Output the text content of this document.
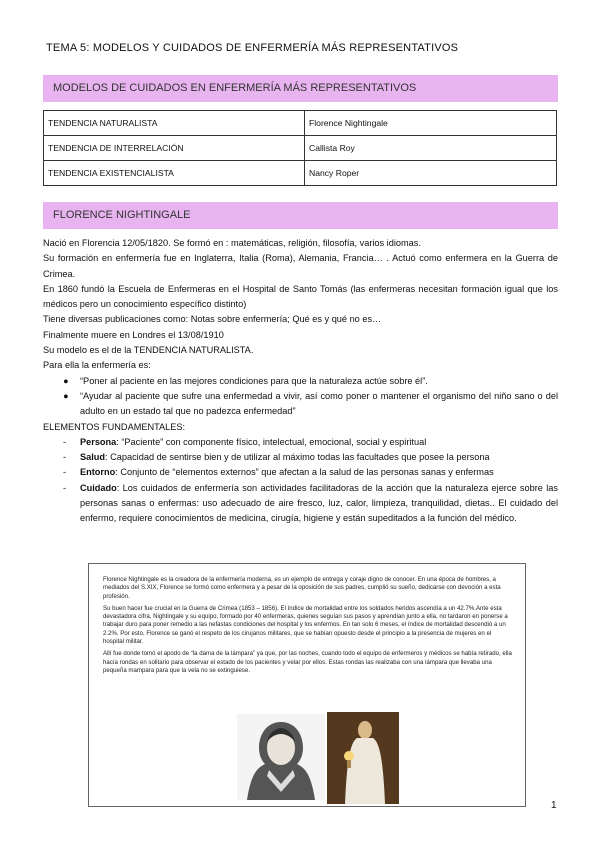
TEMA 5: MODELOS Y CUIDADOS DE ENFERMERÍA MÁS REPRESENTATIVOS
MODELOS DE CUIDADOS EN ENFERMERÍA MÁS REPRESENTATIVOS
TENDENCIA NATURALISTA	Florence Nightingale
TENDENCIA DE INTERRELACIÓN	Callista Roy
TENDENCIA EXISTENCIALISTA	Nancy Roper
FLORENCE NIGHTINGALE

Nació en Florencia 12/05/1820. Se formó en : matemáticas, religión, filosofía, varios idiomas.

Su formación en enfermería fue en Inglaterra, Italia (Roma), Alemania, Francia… . Actuó como enfermera en la Guerra de Crimea.

En 1860 fundó la Escuela de Enfermeras en el Hospital de Santo Tomás (las enfermeras necesitan formación igual que los médicos pero un conocimiento específico distinto)

Tiene diversas publicaciones como: Notas sobre enfermería; Qué es y qué no es…

Finalmente muere en Londres el 13/08/1910

Su modelo es el de la TENDENCIA NATURALISTA.

Para ella la enfermería es:

● “Poner al paciente en las mejores condiciones para que la naturaleza actúe sobre él”.
● “Ayudar al paciente que sufre una enfermedad a vivir, así como poner o mantener el organismo del niño sano o del adulto en un estado tal que no padezca enfermedad”

ELEMENTOS FUNDAMENTALES:

- Persona: “Paciente” con componente físico, intelectual, emocional, social y espiritual
- Salud: Capacidad de sentirse bien y de utilizar al máximo todas las facultades que posee la persona
- Entorno: Conjunto de “elementos externos” que afectan a la salud de las personas sanas y enfermas
- Cuidado: Los cuidados de enfermería son actividades facilitadoras de la acción que la naturaleza ejerce sobre las personas sanas o enfermas: uso adecuado de aire fresco, luz, calor, limpieza, tranquilidad, dietas.. El cuidado del enfermo, requiere conocimientos de medicina, cirugía, higiene y están supeditados a la función del médico.

Florence Nightingale es la creadora de la enfermería moderna, es un ejemplo de entrega y coraje digno de conocer. En una época de hombres, a mediados del S.XIX, Florence se formó como enfermera y a pesar de la oposición de sus padres, cumplió su sueño, dedicarse con devoción a esta profesión.

Su buen hacer fue crucial en la Guerra de Crimea (1853 – 1856). El índice de mortalidad entre los soldados heridos ascendía a un 42.7%.Ante esta devastadora cifra, Nightingale y su equipo, formado por 40 enfermeras, quienes seguían sus pasos y aprendían junto a ella, no tardaron en ponerse a trabajar duro para poner remedio a las nefastas condiciones del hospital y los enfermos. En tan solo 6 meses, el índice de mortalidad descendió a un 2.2%. Por esto, Florence se ganó el respeto de los cirujanos militares, que se habían opuesto desde el principio a la presencia de mujeres en el hospital militar.

Allí fue donde tomó el apodo de “la dama de la lámpara” ya que, por las noches, cuando todo el equipo de enfermeros y médicos se había retirado, ella hacía rondas en solitario para observar el estado de los pacientes y velar por ellos. Estas rondas las realizaba con una lámpara que llevaba una pequeña mampara para que la vela no se extinguiese.

1
